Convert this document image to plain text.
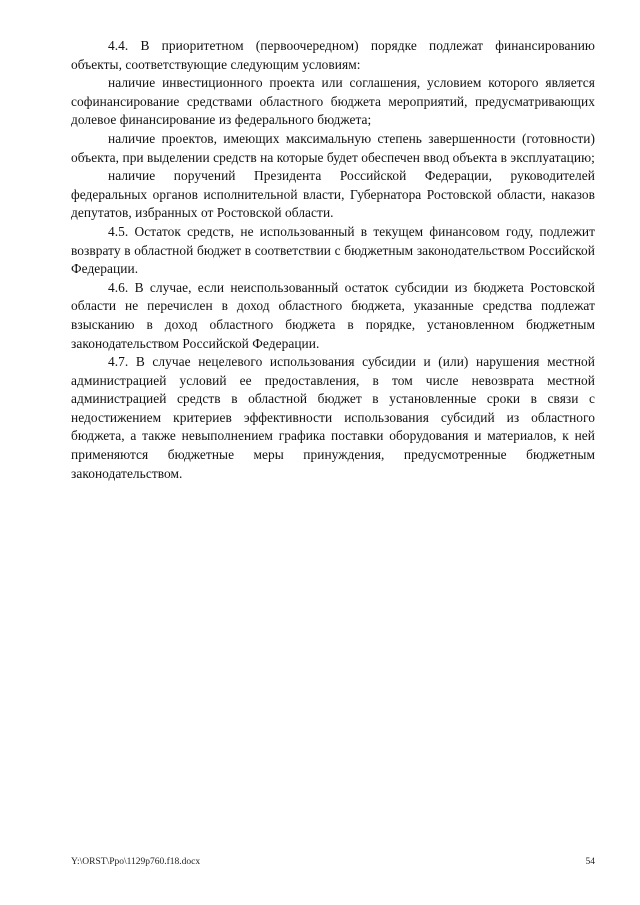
4.4. В приоритетном (первоочередном) порядке подлежат финансированию объекты, соответствующие следующим условиям:

наличие инвестиционного проекта или соглашения, условием которого является софинансирование средствами областного бюджета мероприятий, предусматривающих долевое финансирование из федерального бюджета;

наличие проектов, имеющих максимальную степень завершенности (готовности) объекта, при выделении средств на которые будет обеспечен ввод объекта в эксплуатацию;

наличие поручений Президента Российской Федерации, руководителей федеральных органов исполнительной власти, Губернатора Ростовской области, наказов депутатов, избранных от Ростовской области.

4.5. Остаток средств, не использованный в текущем финансовом году, подлежит возврату в областной бюджет в соответствии с бюджетным законодательством Российской Федерации.

4.6. В случае, если неиспользованный остаток субсидии из бюджета Ростовской области не перечислен в доход областного бюджета, указанные средства подлежат взысканию в доход областного бюджета в порядке, установленном бюджетным законодательством Российской Федерации.

4.7. В случае нецелевого использования субсидии и (или) нарушения местной администрацией условий ее предоставления, в том числе невозврата местной администрацией средств в областной бюджет в установленные сроки в связи с недостижением критериев эффективности использования субсидий из областного бюджета, а также невыполнением графика поставки оборудования и материалов, к ней применяются бюджетные меры принуждения, предусмотренные бюджетным законодательством.

Y:\ORST\Ppo\1129p760.f18.docx	54
